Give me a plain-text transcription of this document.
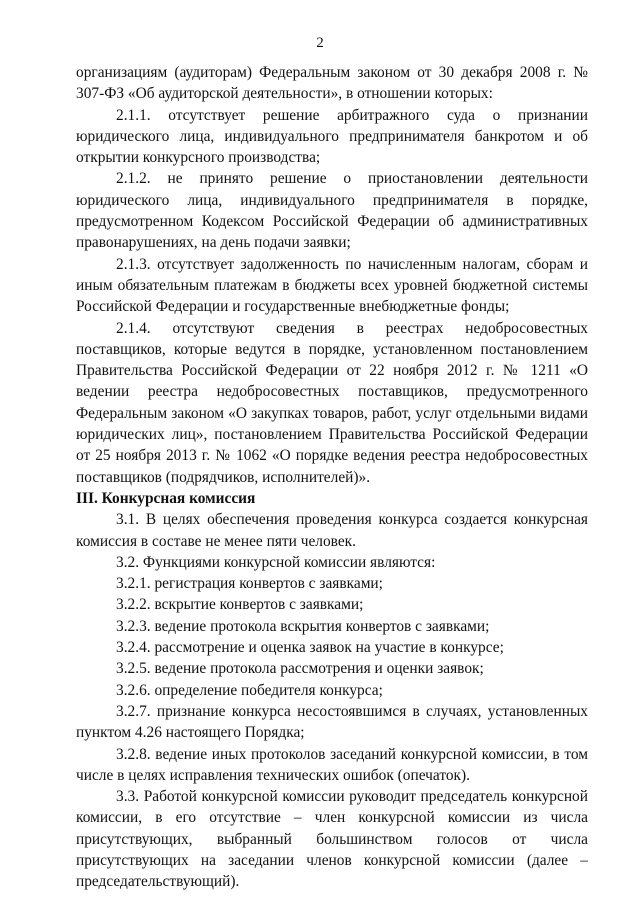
2

организациям (аудиторам) Федеральным законом от 30 декабря 2008 г. № 307-ФЗ «Об аудиторской деятельности», в отношении которых:

2.1.1. отсутствует решение арбитражного суда о признании юридического лица, индивидуального предпринимателя банкротом и об открытии конкурсного производства;

2.1.2. не принято решение о приостановлении деятельности юридического лица, индивидуального предпринимателя в порядке, предусмотренном Кодексом Российской Федерации об административных правонарушениях, на день подачи заявки;

2.1.3. отсутствует задолженность по начисленным налогам, сборам и иным обязательным платежам в бюджеты всех уровней бюджетной системы Российской Федерации и государственные внебюджетные фонды;

2.1.4. отсутствуют сведения в реестрах недобросовестных поставщиков, которые ведутся в порядке, установленном постановлением Правительства Российской Федерации от 22 ноября 2012 г. № 1211 «О ведении реестра недобросовестных поставщиков, предусмотренного Федеральным законом «О закупках товаров, работ, услуг отдельными видами юридических лиц», постановлением Правительства Российской Федерации от 25 ноября 2013 г. № 1062 «О порядке ведения реестра недобросовестных поставщиков (подрядчиков, исполнителей)».

III. Конкурсная комиссия

3.1. В целях обеспечения проведения конкурса создается конкурсная комиссия в составе не менее пяти человек.

3.2. Функциями конкурсной комиссии являются:

3.2.1. регистрация конвертов с заявками;

3.2.2. вскрытие конвертов с заявками;

3.2.3. ведение протокола вскрытия конвертов с заявками;

3.2.4. рассмотрение и оценка заявок на участие в конкурсе;

3.2.5. ведение протокола рассмотрения и оценки заявок;

3.2.6. определение победителя конкурса;

3.2.7. признание конкурса несостоявшимся в случаях, установленных пунктом 4.26 настоящего Порядка;

3.2.8. ведение иных протоколов заседаний конкурсной комиссии, в том числе в целях исправления технических ошибок (опечаток).

3.3. Работой конкурсной комиссии руководит председатель конкурсной комиссии, в его отсутствие – член конкурсной комиссии из числа присутствующих, выбранный большинством голосов от числа присутствующих на заседании членов конкурсной комиссии (далее – председательствующий).
